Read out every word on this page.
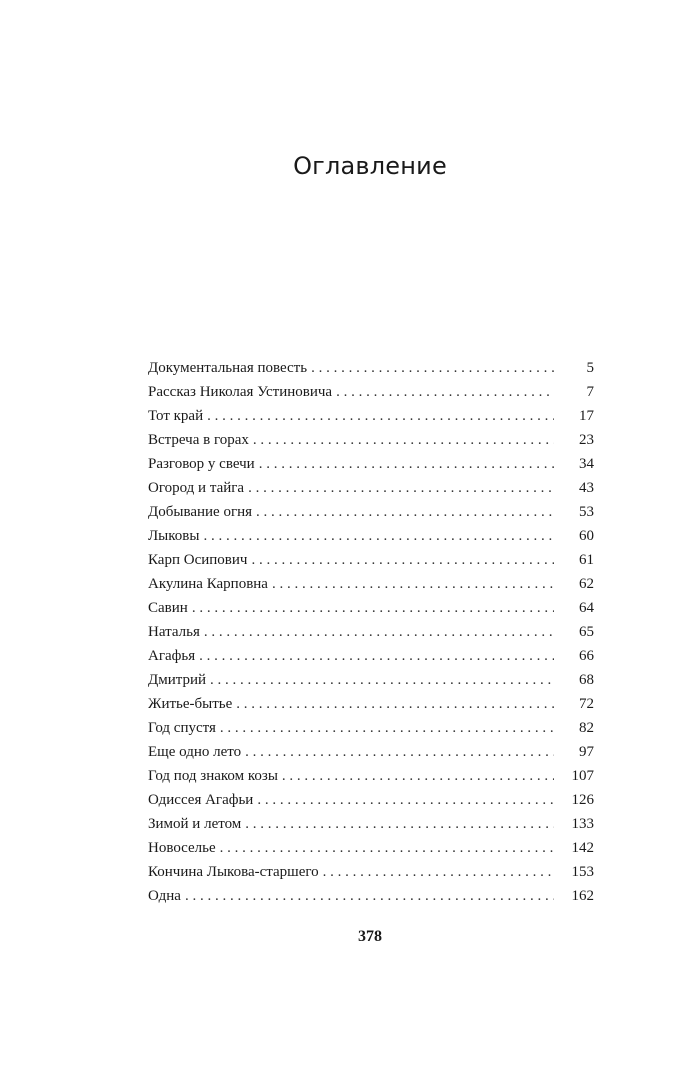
Оглавление
Документальная повесть . . .	5
Рассказ Николая Устиновича . . .	7
Тот край . . .	17
Встреча в горах . . .	23
Разговор у свечи . . .	34
Огород и тайга . . .	43
Добывание огня . . .	53
Лыковы . . .	60
Карп Осипович . . .	61
Акулина Карповна . . .	62
Савин . . .	64
Наталья . . .	65
Агафья . . .	66
Дмитрий . . .	68
Житье-бытье . . .	72
Год спустя . . .	82
Еще одно лето . . .	97
Год под знаком козы . . .	107
Одиссея Агафьи . . .	126
Зимой и летом . . .	133
Новоселье . . .	142
Кончина Лыкова-старшего . . .	153
Одна . . .	162
378
